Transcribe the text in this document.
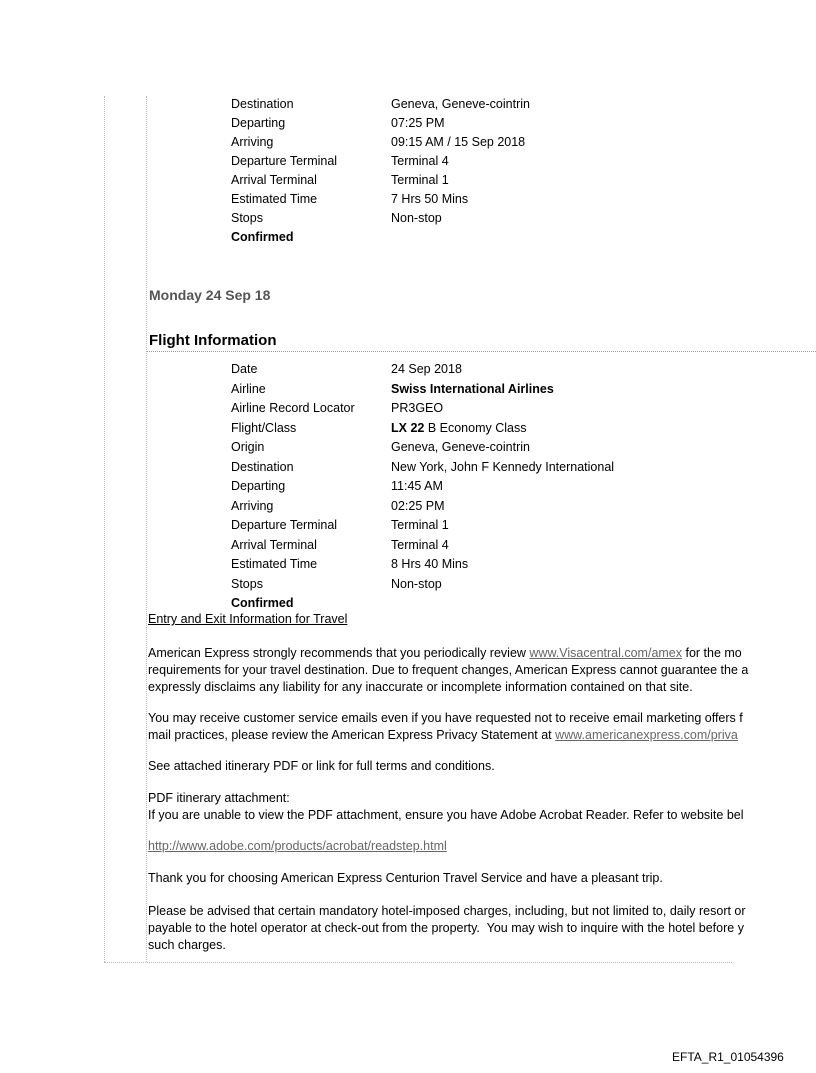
Destination	Geneva, Geneve-cointrin
Departing	07:25 PM
Arriving	09:15 AM / 15 Sep 2018
Departure Terminal	Terminal 4
Arrival Terminal	Terminal 1
Estimated Time	7 Hrs 50 Mins
Stops	Non-stop
Confirmed
Monday 24 Sep 18
Flight Information
Date	24 Sep 2018
Airline	Swiss International Airlines
Airline Record Locator	PR3GEO
Flight/Class	LX 22 B Economy Class
Origin	Geneva, Geneve-cointrin
Destination	New York, John F Kennedy International
Departing	11:45 AM
Arriving	02:25 PM
Departure Terminal	Terminal 1
Arrival Terminal	Terminal 4
Estimated Time	8 Hrs 40 Mins
Stops	Non-stop
Confirmed
Entry and Exit Information for Travel
American Express strongly recommends that you periodically review www.Visacentral.com/amex for the mo
requirements for your travel destination. Due to frequent changes, American Express cannot guarantee the a
expressly disclaims any liability for any inaccurate or incomplete information contained on that site.
You may receive customer service emails even if you have requested not to receive email marketing offers f
mail practices, please review the American Express Privacy Statement at www.americanexpress.com/priva
See attached itinerary PDF or link for full terms and conditions.
PDF itinerary attachment:
If you are unable to view the PDF attachment, ensure you have Adobe Acrobat Reader. Refer to website bel
http://www.adobe.com/products/acrobat/readstep.html
Thank you for choosing American Express Centurion Travel Service and have a pleasant trip.
Please be advised that certain mandatory hotel-imposed charges, including, but not limited to, daily resort or
payable to the hotel operator at check-out from the property.  You may wish to inquire with the hotel before y
such charges.
EFTA_R1_01054396
